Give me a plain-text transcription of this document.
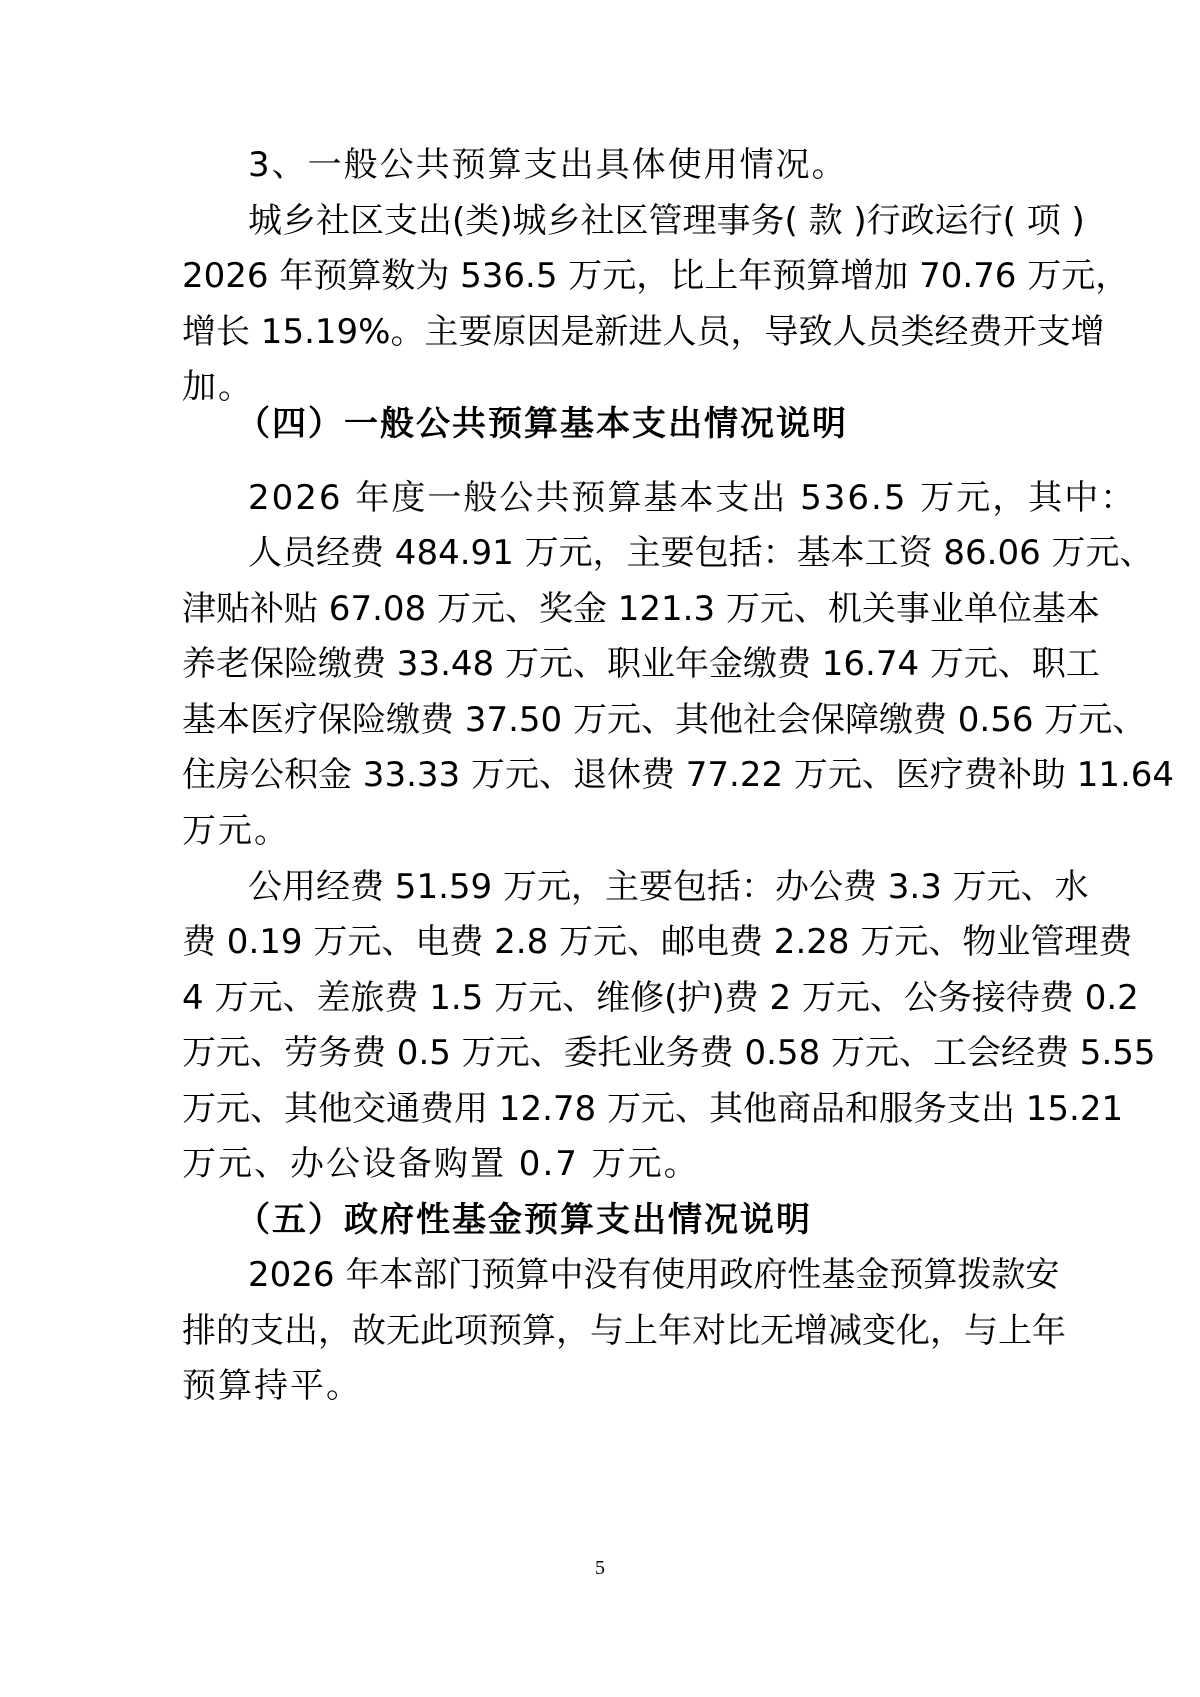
3、一般公共预算支出具体使用情况。
城乡社区支出(类)城乡社区管理事务( 款 )行政运行( 项 )
2026 年预算数为 536.5 万元，比上年预算增加 70.76 万元，
增长 15.19%。主要原因是新进人员，导致人员类经费开支增
加。
（四）一般公共预算基本支出情况说明
2026 年度一般公共预算基本支出 536.5 万元，其中：
人员经费 484.91 万元，主要包括：基本工资 86.06 万元、
津贴补贴 67.08 万元、奖金 121.3 万元、机关事业单位基本
养老保险缴费 33.48 万元、职业年金缴费 16.74 万元、职工
基本医疗保险缴费 37.50 万元、其他社会保障缴费 0.56 万元、
住房公积金 33.33 万元、退休费 77.22 万元、医疗费补助 11.64
万元。
公用经费 51.59 万元，主要包括：办公费 3.3 万元、水
费 0.19 万元、电费 2.8 万元、邮电费 2.28 万元、物业管理费
4 万元、差旅费 1.5 万元、维修(护)费 2 万元、公务接待费 0.2
万元、劳务费 0.5 万元、委托业务费 0.58 万元、工会经费 5.55
万元、其他交通费用 12.78 万元、其他商品和服务支出 15.21
万元、办公设备购置 0.7 万元。
（五）政府性基金预算支出情况说明
2026 年本部门预算中没有使用政府性基金预算拨款安
排的支出，故无此项预算，与上年对比无增减变化，与上年
预算持平。
5
